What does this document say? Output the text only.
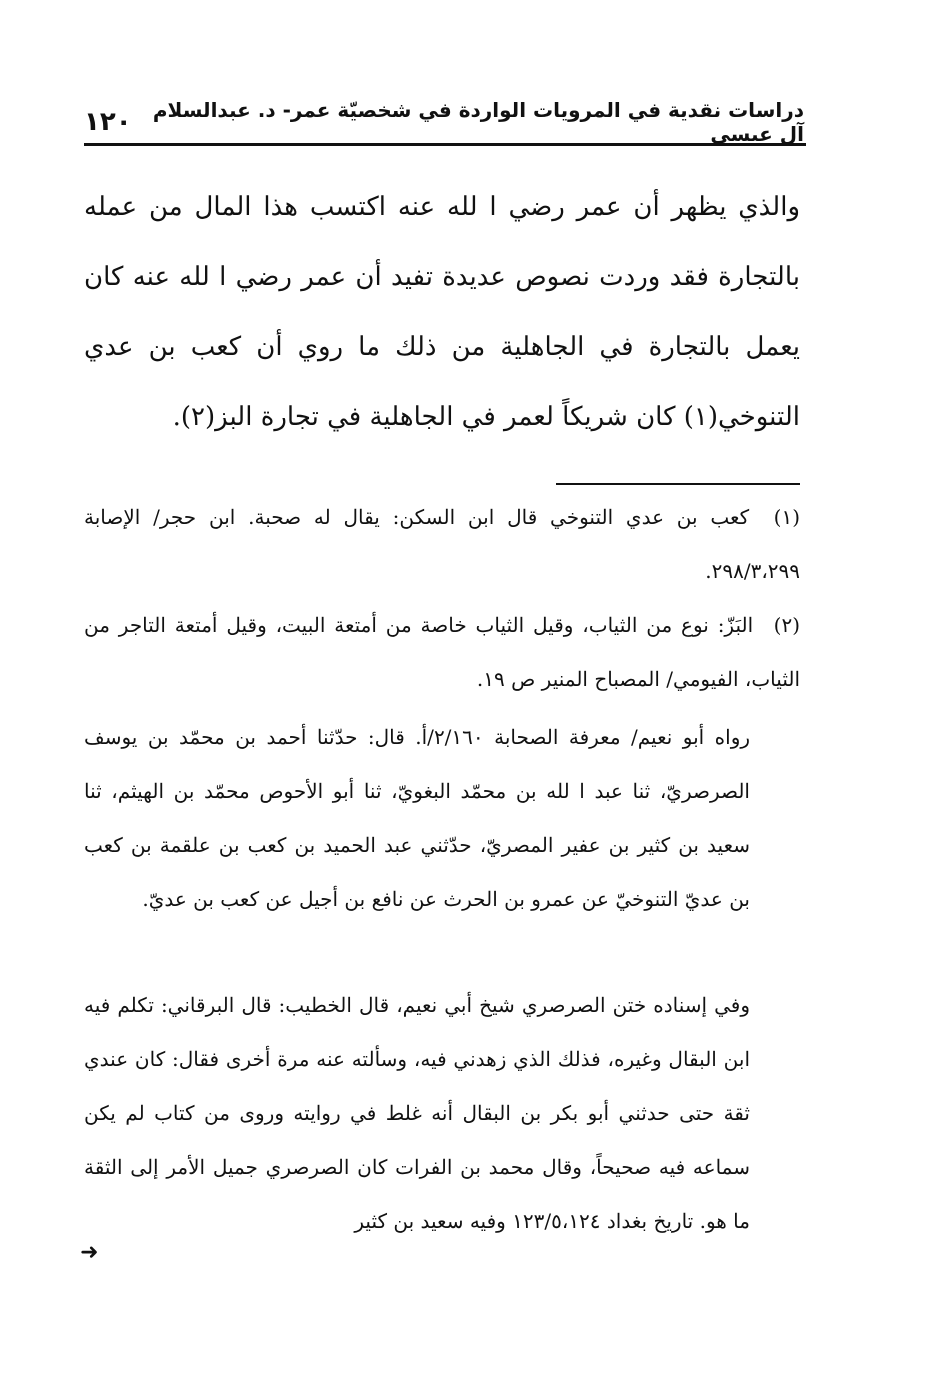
دراسات نقدية في المرويات الواردة في شخصيّة عمر- د. عبدالسلام آل عيسى
١٢٠

والذي يظهر أن عمر رضي ا لله عنه اكتسب هذا المال من عمله بالتجارة فقد وردت نصوص عديدة تفيد أن عمر رضي ا لله عنه كان يعمل بالتجارة في الجاهلية من ذلك ما روي أن كعب بن عدي التنوخي(١) كان شريكاً لعمر في الجاهلية في تجارة البز(٢).

(١) كعب بن عدي التنوخي قال ابن السكن: يقال له صحبة. ابن حجر/ الإصابة ٢٩٨/٣،٢٩٩.

(٢) البَزّ: نوع من الثياب، وقيل الثياب خاصة من أمتعة البيت، وقيل أمتعة التاجر من الثياب، الفيومي/ المصباح المنير ص ١٩.

رواه أبو نعيم/ معرفة الصحابة ٢/١٦٠/أ. قال: حدّثنا أحمد بن محمّد بن يوسف الصرصريّ، ثنا عبد ا لله بن محمّد البغويّ، ثنا أبو الأحوص محمّد بن الهيثم، ثنا سعيد بن كثير بن عفير المصريّ، حدّثني عبد الحميد بن كعب بن علقمة بن كعب بن عديّ التنوخيّ عن عمرو بن الحرث عن نافع بن أجيل عن كعب بن عديّ.

وفي إسناده ختن الصرصري شيخ أبي نعيم، قال الخطيب: قال البرقاني: تكلم فيه ابن البقال وغيره، فذلك الذي زهدني فيه، وسألته عنه مرة أخرى فقال: كان عندي ثقة حتى حدثني أبو بكر بن البقال أنه غلط في روايته وروى من كتاب لم يكن سماعه فيه صحيحاً، وقال محمد بن الفرات كان الصرصري جميل الأمر إلى الثقة ما هو. تاريخ بغداد ١٢٣/٥،١٢٤ وفيه سعيد بن كثير

➜
